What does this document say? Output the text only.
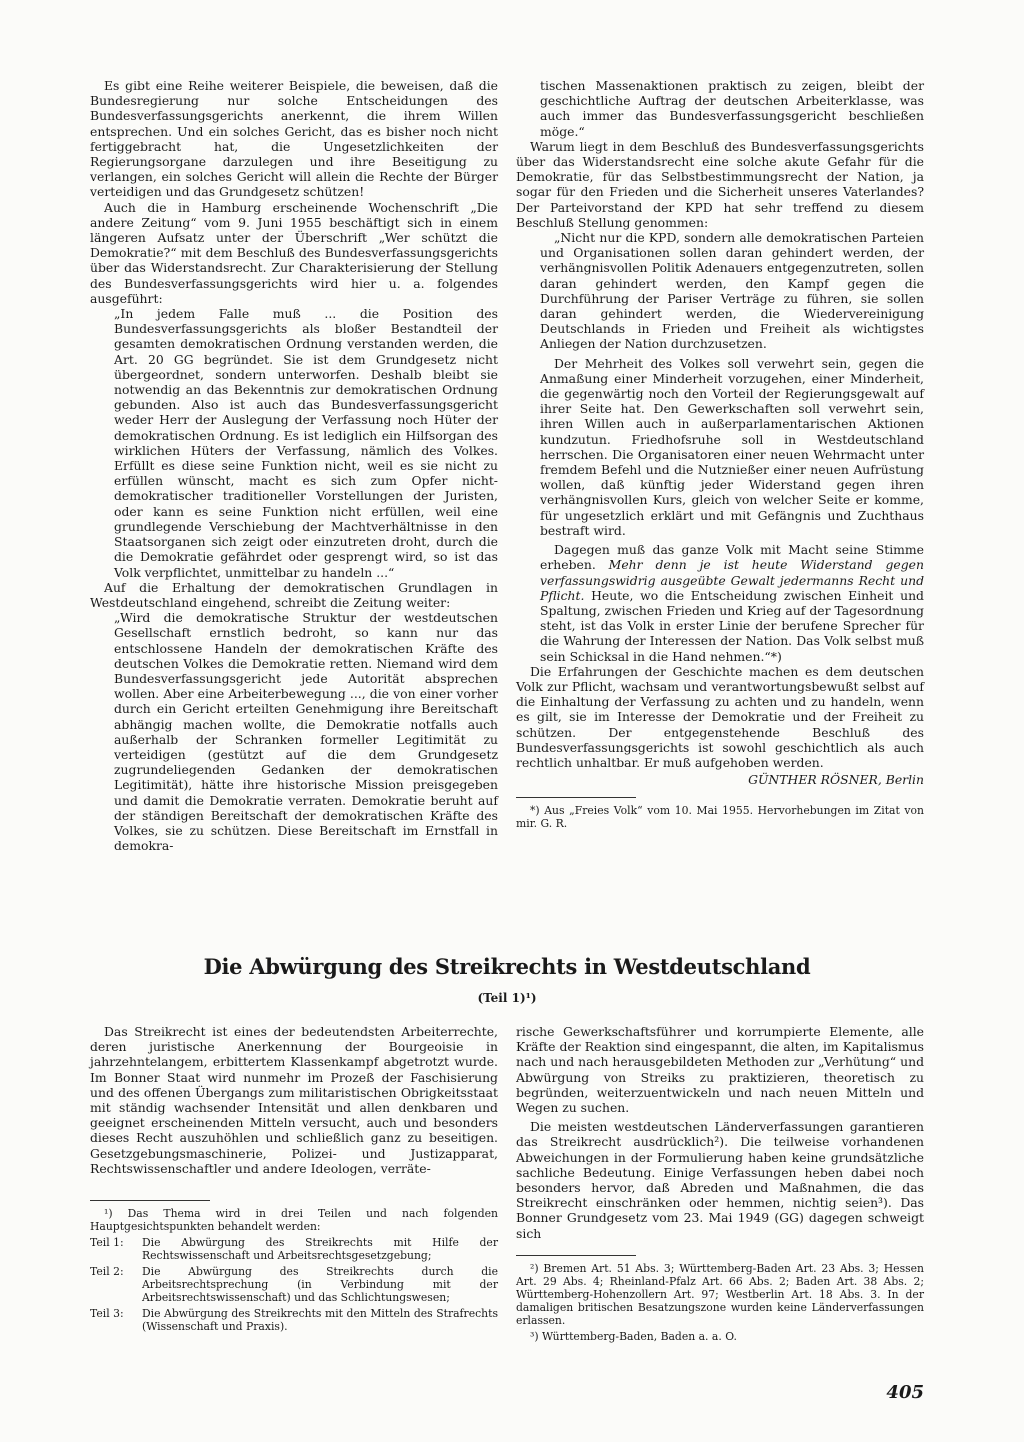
Es gibt eine Reihe weiterer Beispiele, die beweisen, daß die Bundesregierung nur solche Entscheidungen des Bundesverfassungsgerichts anerkennt, die ihrem Willen entsprechen. Und ein solches Gericht, das es bisher noch nicht fertiggebracht hat, die Ungesetzlichkeiten der Regierungsorgane darzulegen und ihre Beseitigung zu verlangen, ein solches Gericht will allein die Rechte der Bürger verteidigen und das Grundgesetz schützen!

Auch die in Hamburg erscheinende Wochenschrift „Die andere Zeitung“ vom 9. Juni 1955 beschäftigt sich in einem längeren Aufsatz unter der Überschrift „Wer schützt die Demokratie?“ mit dem Beschluß des Bundesverfassungsgerichts über das Widerstandsrecht. Zur Charakterisierung der Stellung des Bundesverfassungsgerichts wird hier u. a. folgendes ausgeführt:

„In jedem Falle muß ... die Position des Bundesverfassungsgerichts als bloßer Bestandteil der gesamten demokratischen Ordnung verstanden werden, die Art. 20 GG begründet. Sie ist dem Grundgesetz nicht übergeordnet, sondern unterworfen. Deshalb bleibt sie notwendig an das Bekenntnis zur demokratischen Ordnung gebunden. Also ist auch das Bundesverfassungsgericht weder Herr der Auslegung der Verfassung noch Hüter der demokratischen Ordnung. Es ist lediglich ein Hilfsorgan des wirklichen Hüters der Verfassung, nämlich des Volkes. Erfüllt es diese seine Funktion nicht, weil es sie nicht zu erfüllen wünscht, macht es sich zum Opfer nicht-demokratischer traditioneller Vorstellungen der Juristen, oder kann es seine Funktion nicht erfüllen, weil eine grundlegende Verschiebung der Machtverhältnisse in den Staatsorganen sich zeigt oder einzutreten droht, durch die die Demokratie gefährdet oder gesprengt wird, so ist das Volk verpflichtet, unmittelbar zu handeln ...“

Auf die Erhaltung der demokratischen Grundlagen in Westdeutschland eingehend, schreibt die Zeitung weiter:

„Wird die demokratische Struktur der westdeutschen Gesellschaft ernstlich bedroht, so kann nur das entschlossene Handeln der demokratischen Kräfte des deutschen Volkes die Demokratie retten. Niemand wird dem Bundesverfassungsgericht jede Autorität absprechen wollen. Aber eine Arbeiterbewegung ..., die von einer vorher durch ein Gericht erteilten Genehmigung ihre Bereitschaft abhängig machen wollte, die Demokratie notfalls auch außerhalb der Schranken formeller Legitimität zu verteidigen (gestützt auf die dem Grundgesetz zugrundeliegenden Gedanken der demokratischen Legitimität), hätte ihre historische Mission preisgegeben und damit die Demokratie verraten. Demokratie beruht auf der ständigen Bereitschaft der demokratischen Kräfte des Volkes, sie zu schützen. Diese Bereitschaft im Ernstfall in demokra-

tischen Massenaktionen praktisch zu zeigen, bleibt der geschichtliche Auftrag der deutschen Arbeiterklasse, was auch immer das Bundesverfassungsgericht beschließen möge.“

Warum liegt in dem Beschluß des Bundesverfassungsgerichts über das Widerstandsrecht eine solche akute Gefahr für die Demokratie, für das Selbstbestimmungsrecht der Nation, ja sogar für den Frieden und die Sicherheit unseres Vaterlandes? Der Parteivorstand der KPD hat sehr treffend zu diesem Beschluß Stellung genommen:

„Nicht nur die KPD, sondern alle demokratischen Parteien und Organisationen sollen daran gehindert werden, der verhängnisvollen Politik Adenauers entgegenzutreten, sollen daran gehindert werden, den Kampf gegen die Durchführung der Pariser Verträge zu führen, sie sollen daran gehindert werden, die Wiedervereinigung Deutschlands in Frieden und Freiheit als wichtigstes Anliegen der Nation durchzusetzen.

Der Mehrheit des Volkes soll verwehrt sein, gegen die Anmaßung einer Minderheit vorzugehen, einer Minderheit, die gegenwärtig noch den Vorteil der Regierungsgewalt auf ihrer Seite hat. Den Gewerkschaften soll verwehrt sein, ihren Willen auch in außerparlamentarischen Aktionen kundzutun. Friedhofsruhe soll in Westdeutschland herrschen. Die Organisatoren einer neuen Wehrmacht unter fremdem Befehl und die Nutznießer einer neuen Aufrüstung wollen, daß künftig jeder Widerstand gegen ihren verhängnisvollen Kurs, gleich von welcher Seite er komme, für ungesetzlich erklärt und mit Gefängnis und Zuchthaus bestraft wird.

Dagegen muß das ganze Volk mit Macht seine Stimme erheben. Mehr denn je ist heute Widerstand gegen verfassungswidrig ausgeübte Gewalt jedermanns Recht und Pflicht. Heute, wo die Entscheidung zwischen Einheit und Spaltung, zwischen Frieden und Krieg auf der Tagesordnung steht, ist das Volk in erster Linie der berufene Sprecher für die Wahrung der Interessen der Nation. Das Volk selbst muß sein Schicksal in die Hand nehmen.“*)

Die Erfahrungen der Geschichte machen es dem deutschen Volk zur Pflicht, wachsam und verantwortungsbewußt selbst auf die Einhaltung der Verfassung zu achten und zu handeln, wenn es gilt, sie im Interesse der Demokratie und der Freiheit zu schützen. Der entgegenstehende Beschluß des Bundesverfassungsgerichts ist sowohl geschichtlich als auch rechtlich unhaltbar. Er muß aufgehoben werden.

GÜNTHER RÖSNER, Berlin

*) Aus „Freies Volk“ vom 10. Mai 1955. Hervorhebungen im Zitat von mir. G. R.

Die Abwürgung des Streikrechts in Westdeutschland
(Teil 1)¹)

Das Streikrecht ist eines der bedeutendsten Arbeiterrechte, deren juristische Anerkennung der Bourgeoisie in jahrzehntelangem, erbittertem Klassenkampf abgetrotzt wurde. Im Bonner Staat wird nunmehr im Prozeß der Faschisierung und des offenen Übergangs zum militaristischen Obrigkeitsstaat mit ständig wachsender Intensität und allen denkbaren und geeignet erscheinenden Mitteln versucht, auch und besonders dieses Recht auszuhöhlen und schließlich ganz zu beseitigen. Gesetzgebungsmaschinerie, Polizei- und Justizapparat, Rechtswissenschaftler und andere Ideologen, verräte-

¹) Das Thema wird in drei Teilen und nach folgenden Hauptgesichtspunkten behandelt werden:

Teil 1:	Die Abwürgung des Streikrechts mit Hilfe der Rechtswissenschaft und Arbeitsrechtsgesetzgebung;
Teil 2:	Die Abwürgung des Streikrechts durch die Arbeitsrechtsprechung (in Verbindung mit der Arbeitsrechtswissenschaft) und das Schlichtungswesen;
Teil 3:	Die Abwürgung des Streikrechts mit den Mitteln des Strafrechts (Wissenschaft und Praxis).

rische Gewerkschaftsführer und korrumpierte Elemente, alle Kräfte der Reaktion sind eingespannt, die alten, im Kapitalismus nach und nach herausgebildeten Methoden zur „Verhütung“ und Abwürgung von Streiks zu praktizieren, theoretisch zu begründen, weiterzuentwickeln und nach neuen Mitteln und Wegen zu suchen.

Die meisten westdeutschen Länderverfassungen garantieren das Streikrecht ausdrücklich²). Die teilweise vorhandenen Abweichungen in der Formulierung haben keine grundsätzliche sachliche Bedeutung. Einige Verfassungen heben dabei noch besonders hervor, daß Abreden und Maßnahmen, die das Streikrecht einschränken oder hemmen, nichtig seien³). Das Bonner Grundgesetz vom 23. Mai 1949 (GG) dagegen schweigt sich

²) Bremen Art. 51 Abs. 3; Württemberg-Baden Art. 23 Abs. 3; Hessen Art. 29 Abs. 4; Rheinland-Pfalz Art. 66 Abs. 2; Baden Art. 38 Abs. 2; Württemberg-Hohenzollern Art. 97; Westberlin Art. 18 Abs. 3. In der damaligen britischen Besatzungszone wurden keine Länderverfassungen erlassen.

³) Württemberg-Baden, Baden a. a. O.

405
